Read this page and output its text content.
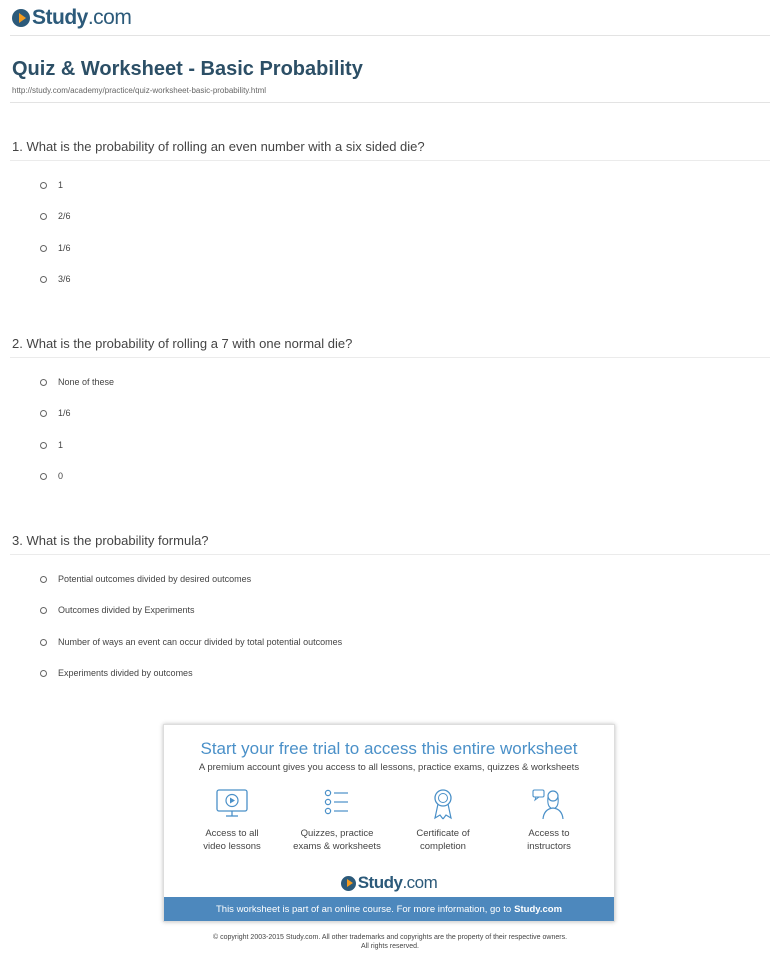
Study.com
Quiz & Worksheet - Basic Probability
http://study.com/academy/practice/quiz-worksheet-basic-probability.html
1. What is the probability of rolling an even number with a six sided die?
1
2/6
1/6
3/6
2. What is the probability of rolling a 7 with one normal die?
None of these
1/6
1
0
3. What is the probability formula?
Potential outcomes divided by desired outcomes
Outcomes divided by Experiments
Number of ways an event can occur divided by total potential outcomes
Experiments divided by outcomes
Start your free trial to access this entire worksheet
A premium account gives you access to all lessons, practice exams, quizzes & worksheets
Access to all
video lessons
Quizzes, practice
exams & worksheets
Certificate of
completion
Access to
instructors
Study.com
This worksheet is part of an online course. For more information, go to Study.com
© copyright 2003-2015 Study.com. All other trademarks and copyrights are the property of their respective owners.
All rights reserved.
